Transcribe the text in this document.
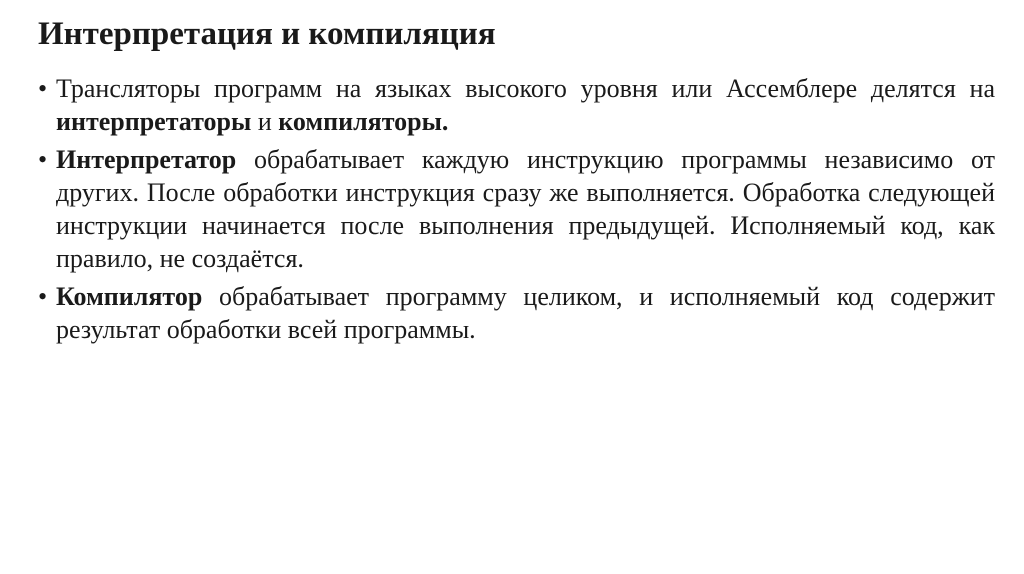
Интерпретация и компиляция
• Трансляторы программ на языках высокого уровня или Ассемблере делятся на интерпретаторы и компиляторы.
• Интерпретатор обрабатывает каждую инструкцию программы независимо от других. После обработки инструкция сразу же выполняется. Обработка следующей инструкции начинается после выполнения предыдущей. Исполняемый код, как правило, не создаётся.
• Компилятор обрабатывает программу целиком, и исполняемый код содержит результат обработки всей программы.
